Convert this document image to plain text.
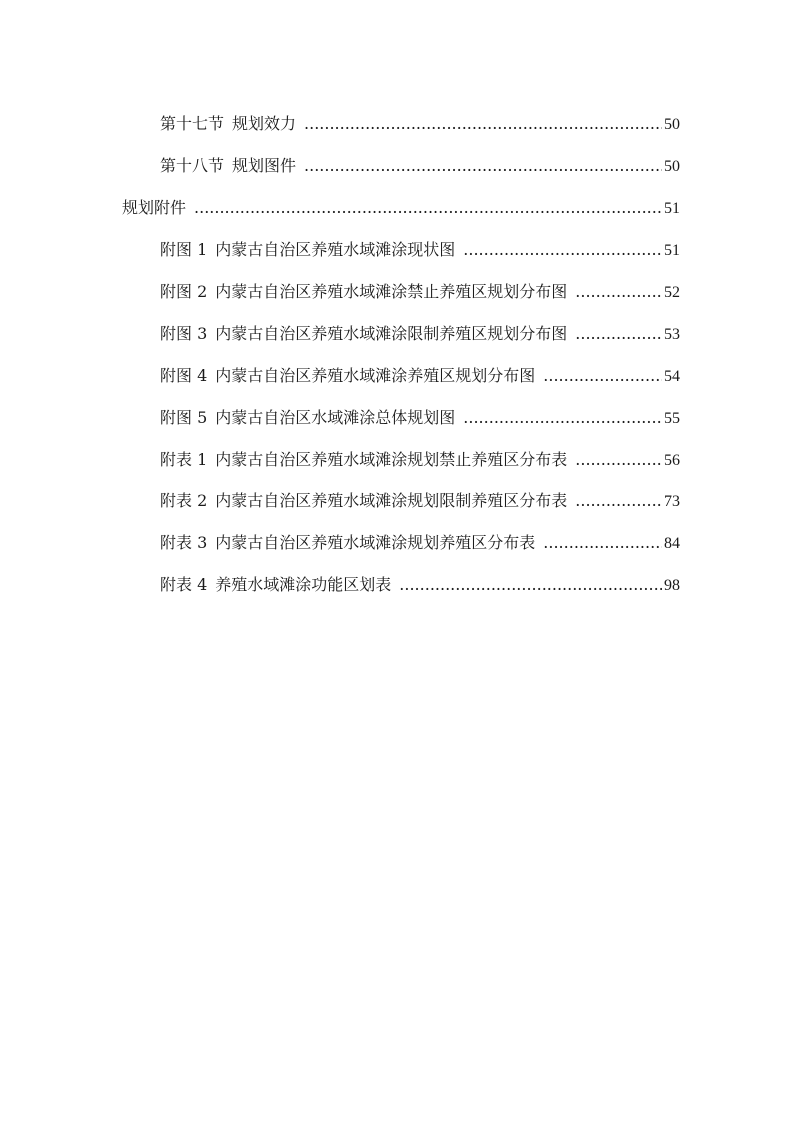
第十七节 规划效力 .....	50
第十八节 规划图件 .....	50
规划附件 .....	51
附图 1 内蒙古自治区养殖水域滩涂现状图 .....	51
附图 2 内蒙古自治区养殖水域滩涂禁止养殖区规划分布图 .....	52
附图 3 内蒙古自治区养殖水域滩涂限制养殖区规划分布图 .....	53
附图 4 内蒙古自治区养殖水域滩涂养殖区规划分布图 .....	54
附图 5 内蒙古自治区水域滩涂总体规划图 .....	55
附表 1 内蒙古自治区养殖水域滩涂规划禁止养殖区分布表 .....	56
附表 2 内蒙古自治区养殖水域滩涂规划限制养殖区分布表 .....	73
附表 3 内蒙古自治区养殖水域滩涂规划养殖区分布表 .....	84
附表 4 养殖水域滩涂功能区划表 .....	98
